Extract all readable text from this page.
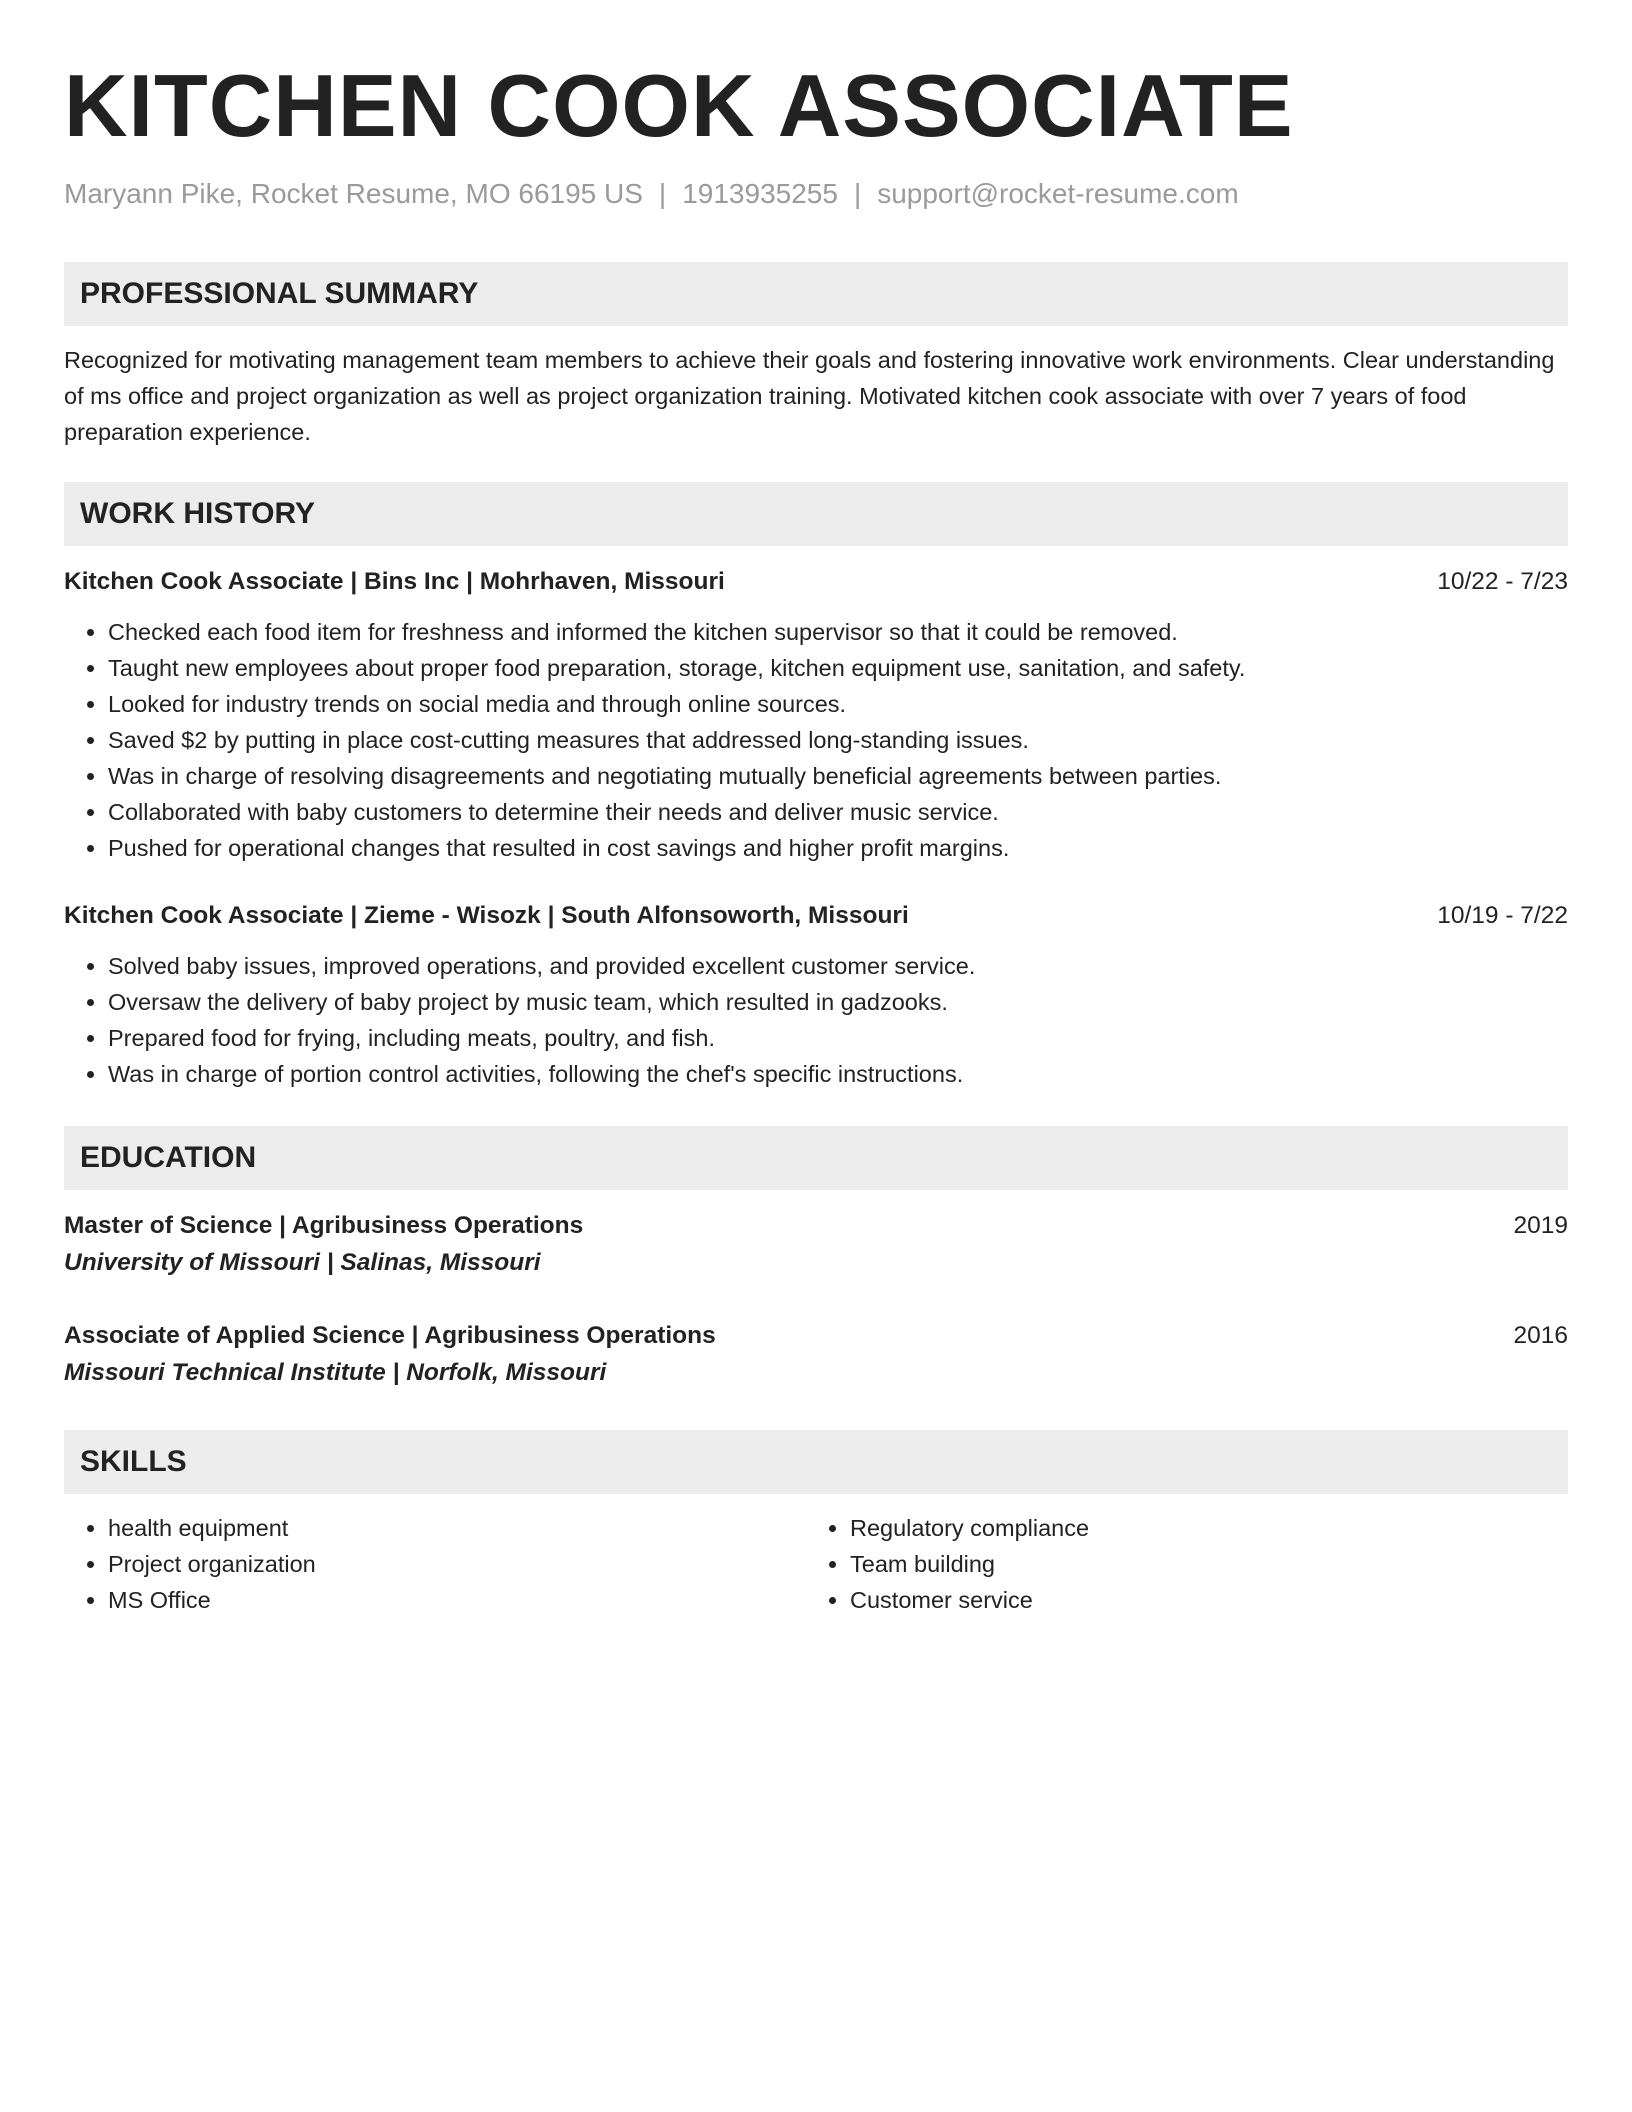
KITCHEN COOK ASSOCIATE
Maryann Pike, Rocket Resume, MO 66195 US | 1913935255 | support@rocket-resume.com
PROFESSIONAL SUMMARY
Recognized for motivating management team members to achieve their goals and fostering innovative work environments. Clear understanding of ms office and project organization as well as project organization training. Motivated kitchen cook associate with over 7 years of food preparation experience.
WORK HISTORY
Kitchen Cook Associate | Bins Inc | Mohrhaven, Missouri	10/22 - 7/23
• Checked each food item for freshness and informed the kitchen supervisor so that it could be removed.
• Taught new employees about proper food preparation, storage, kitchen equipment use, sanitation, and safety.
• Looked for industry trends on social media and through online sources.
• Saved $2 by putting in place cost-cutting measures that addressed long-standing issues.
• Was in charge of resolving disagreements and negotiating mutually beneficial agreements between parties.
• Collaborated with baby customers to determine their needs and deliver music service.
• Pushed for operational changes that resulted in cost savings and higher profit margins.
Kitchen Cook Associate | Zieme - Wisozk | South Alfonsoworth, Missouri	10/19 - 7/22
• Solved baby issues, improved operations, and provided excellent customer service.
• Oversaw the delivery of baby project by music team, which resulted in gadzooks.
• Prepared food for frying, including meats, poultry, and fish.
• Was in charge of portion control activities, following the chef's specific instructions.
EDUCATION
Master of Science | Agribusiness Operations	2019
University of Missouri | Salinas, Missouri
Associate of Applied Science | Agribusiness Operations	2016
Missouri Technical Institute | Norfolk, Missouri
SKILLS
• health equipment
• Project organization
• MS Office
• Regulatory compliance
• Team building
• Customer service
